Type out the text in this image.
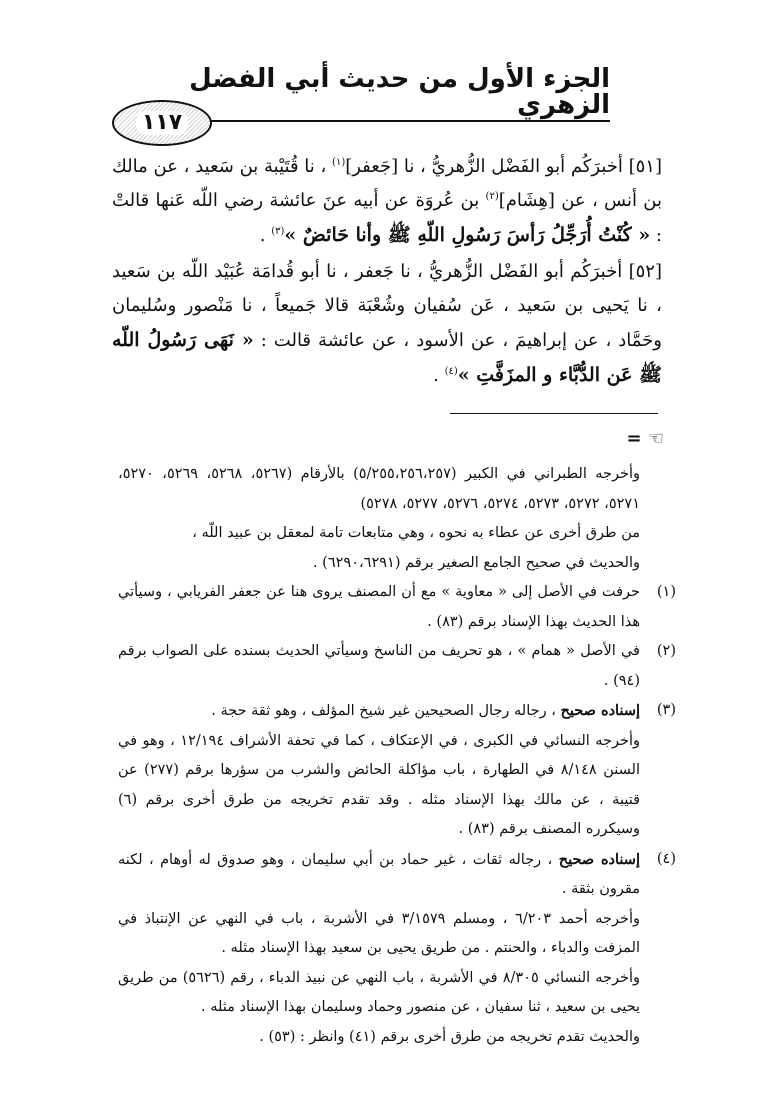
الجزء الأول من حديث أبي الفضل الزهري
١١٧

[٥١] أخبرَكُم أبو الفَضْل الزُّهريُّ ، نا [جَعفر]$^{(١)}$ ، نا قُتَيْبة بن سَعيد ، عن مالك بن أنس ، عن [هِشَام]$^{(٢)}$ بن عُروَة عن أبيه عنَ عائشة رضي اللّه عَنها قالتْ : « كُنْتُ أُرَجِّلُ رَأسَ رَسُولِ اللّهِ ﷺ وأنا حَائضٌ »$^{(٣)}$ .

[٥٢] أخبرَكُم أبو الفَضْل الزُّهريُّ ، نا جَعفر ، نا أبو قُدامَة عُبَيْد اللّه بن سَعيد ، نا يَحيى بن سَعيد ، عَن سُفيان وشُعْبَة قالا جَميعاً ، نا مَنْصور وسُليمان وحَمَّاد ، عن إبراهيمَ ، عن الأسود ، عن عائشة قالت : « نَهَى رَسُولُ اللّه ﷺ عَن الدُّبَّاء و المزَفَّتِ »$^{(٤)}$ .

= ☜

وأخرجه الطبراني في الكبير (٥/٢٥٥،٢٥٦،٢٥٧) بالأرقام (٥٢٦٧، ٥٢٦٨، ٥٢٦٩، ٥٢٧٠، ٥٢٧١، ٥٢٧٢، ٥٢٧٣، ٥٢٧٤، ٥٢٧٦، ٥٢٧٧، ٥٢٧٨)

من طرق أخرى عن عطاء به نحوه ، وهي متابعات تامة لمعقل بن عبيد اللّه ،

والحديث في صحيح الجامع الصغير برقم (٦٢٩٠،٦٢٩١) .

(١)

حرفت في الأصل إلى « معاوية » مع أن المصنف يروى هنا عن جعفر الفريابي ، وسيأتي هذا الحديث بهذا الإسناد برقم (٨٣) .

(٢)

في الأصل « همام » ، هو تحريف من الناسخ وسيأتي الحديث بسنده على الصواب برقم (٩٤) .

(٣)

إسناده صحيح ، رجاله رجال الصحيحين غير شيخ المؤلف ، وهو ثقة حجة .

وأخرجه النسائي في الكبرى ، في الإعتكاف ، كما في تحفة الأشراف ١٢/١٩٤ ، وهو في السنن ٨/١٤٨ في الطهارة ، باب مؤاكلة الحائض والشرب من سؤرها برقم (٢٧٧) عن قتيبة ، عن مالك بهذا الإسناد مثله . وقد تقدم تخريجه من طرق أخرى برقم (٦) وسيكرره المصنف برقم (٨٣) .

(٤)

إسناده صحيح ، رجاله ثقات ، غير حماد بن أبي سليمان ، وهو صدوق له أوهام ، لكنه مقرون بثقة .

وأخرجه أحمد ٦/٢٠٣ ، ومسلم ٣/١٥٧٩ في الأشربة ، باب في النهي عن الإنتباذ في المزفت والدباء ، والحنتم . من طريق يحيى بن سعيد بهذا الإسناد مثله .

وأخرجه النسائي ٨/٣٠٥ في الأشربة ، باب النهي عن نبيذ الدباء ، رقم (٥٦٢٦) من طريق يحيى بن سعيد ، ثنا سفيان ، عن منصور وحماد وسليمان بهذا الإسناد مثله .

والحديث تقدم تخريجه من طرق أخرى برقم (٤١) وانظر : (٥٣) .
